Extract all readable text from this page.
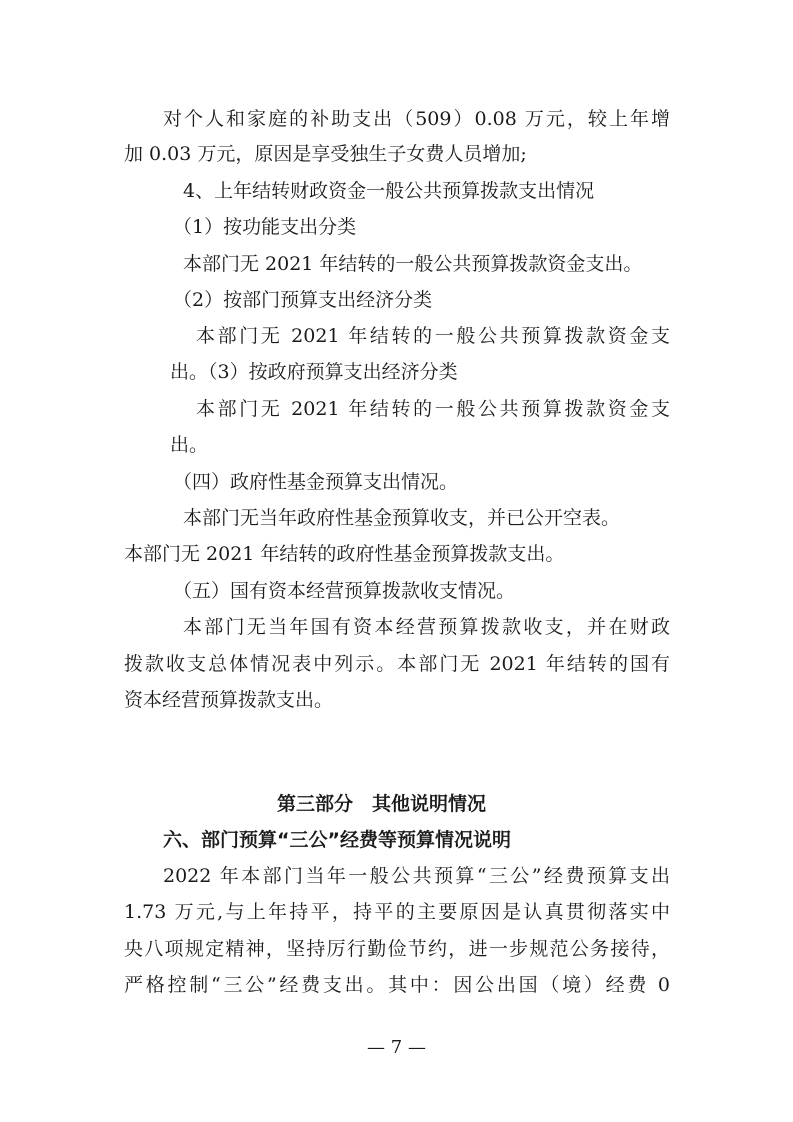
对个人和家庭的补助支出（509）0.08 万元，较上年增
加 0.03 万元，原因是享受独生子女费人员增加;
4、上年结转财政资金一般公共预算拨款支出情况
（1）按功能支出分类
本部门无 2021 年结转的一般公共预算拨款资金支出。
（2）按部门预算支出经济分类
本部门无 2021 年结转的一般公共预算拨款资金支
出。（3）按政府预算支出经济分类
本部门无 2021 年结转的一般公共预算拨款资金支
出。
（四）政府性基金预算支出情况。
本部门无当年政府性基金预算收支，并已公开空表。
本部门无 2021 年结转的政府性基金预算拨款支出。
（五）国有资本经营预算拨款收支情况。
本部门无当年国有资本经营预算拨款收支，并在财政
拨款收支总体情况表中列示。本部门无 2021 年结转的国有
资本经营预算拨款支出。
第三部分　其他说明情况
六、部门预算“三公”经费等预算情况说明
2022 年本部门当年一般公共预算“三公”经费预算支出
1.73 万元,与上年持平，持平的主要原因是认真贯彻落实中
央八项规定精神，坚持厉行勤俭节约，进一步规范公务接待，
严格控制“三公”经费支出。其中：因公出国（境）经费 0
— 7 —
